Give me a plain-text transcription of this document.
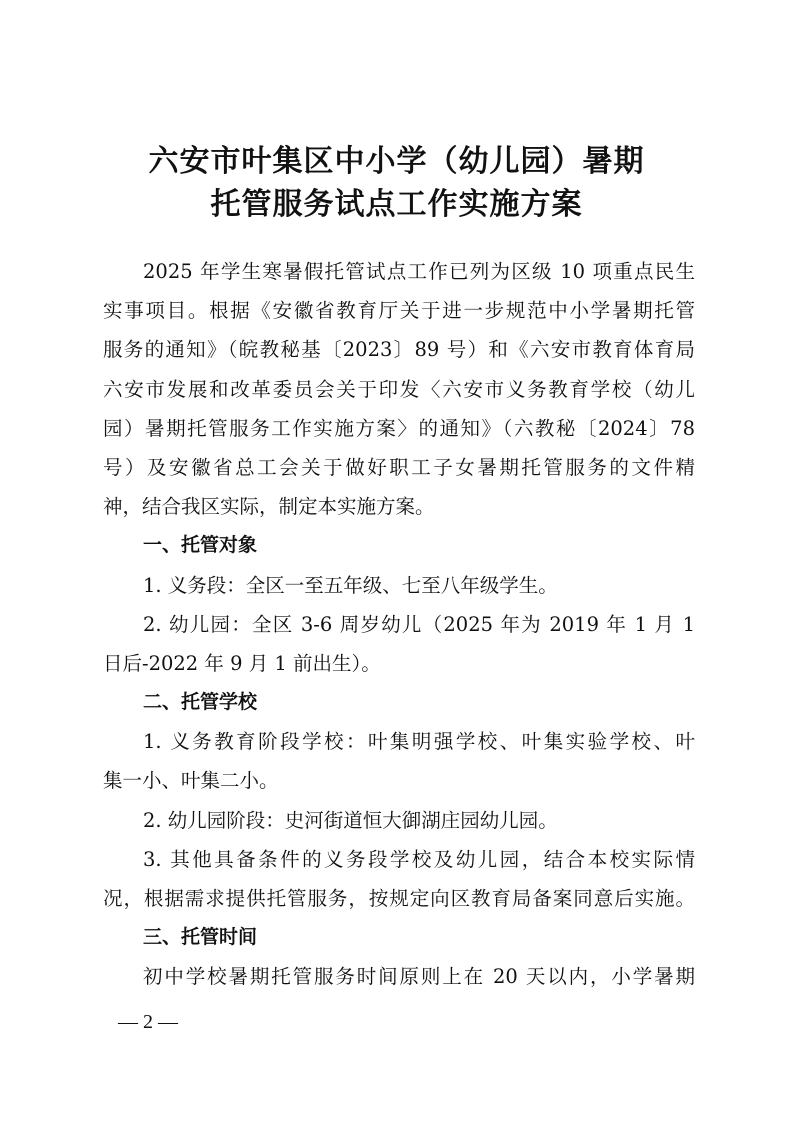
六安市叶集区中小学（幼儿园）暑期
托管服务试点工作实施方案
2025 年学生寒暑假托管试点工作已列为区级 10 项重点民生
实事项目。根据《安徽省教育厅关于进一步规范中小学暑期托管
服务的通知》（皖教秘基〔2023〕89 号）和《六安市教育体育局
六安市发展和改革委员会关于印发〈六安市义务教育学校（幼儿
园）暑期托管服务工作实施方案〉的通知》（六教秘〔2024〕78
号）及安徽省总工会关于做好职工子女暑期托管服务的文件精
神，结合我区实际，制定本实施方案。
一、托管对象
1. 义务段：全区一至五年级、七至八年级学生。
2. 幼儿园：全区 3-6 周岁幼儿（2025 年为 2019 年 1 月 1
日后-2022 年 9 月 1 前出生）。
二、托管学校
1. 义务教育阶段学校：叶集明强学校、叶集实验学校、叶
集一小、叶集二小。
2. 幼儿园阶段：史河街道恒大御湖庄园幼儿园。
3. 其他具备条件的义务段学校及幼儿园，结合本校实际情
况，根据需求提供托管服务，按规定向区教育局备案同意后实施。
三、托管时间
初中学校暑期托管服务时间原则上在 20 天以内，小学暑期
— 2 —
